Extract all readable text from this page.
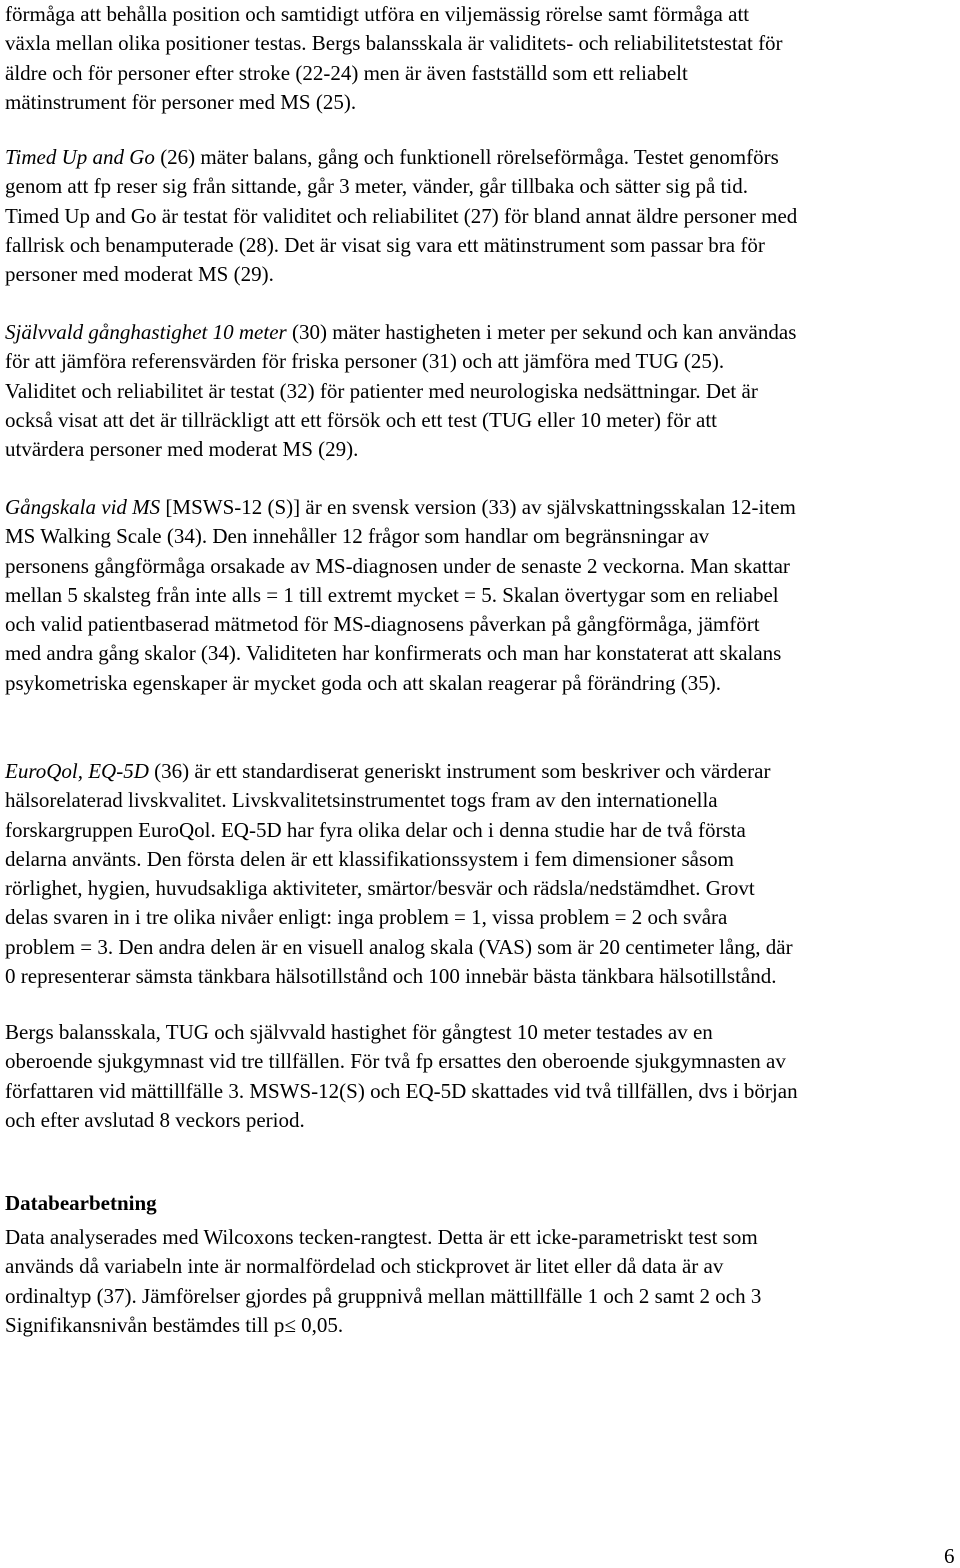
förmåga att behålla position och samtidigt utföra en viljemässig rörelse samt förmåga att
växla mellan olika positioner testas. Bergs balansskala är validitets- och reliabilitetstestat för
äldre och för personer efter stroke (22-24) men är även fastställd som ett reliabelt
mätinstrument för personer med MS (25).
Timed Up and Go (26) mäter balans, gång och funktionell rörelseförmåga. Testet genomförs
genom att fp reser sig från sittande, går 3 meter, vänder, går tillbaka och sätter sig på tid.
Timed Up and Go är testat för validitet och reliabilitet (27) för bland annat äldre personer med
fallrisk och benamputerade (28). Det är visat sig vara ett mätinstrument som passar bra för
personer med moderat MS (29).
Självvald gånghastighet 10 meter (30) mäter hastigheten i meter per sekund och kan användas
för att jämföra referensvärden för friska personer (31) och att jämföra med TUG (25).
Validitet och reliabilitet är testat (32) för patienter med neurologiska nedsättningar. Det är
också visat att det är tillräckligt att ett försök och ett test (TUG eller 10 meter) för att
utvärdera personer med moderat MS (29).
Gångskala vid MS [MSWS-12 (S)] är en svensk version (33) av självskattningsskalan 12-item
MS Walking Scale (34). Den innehåller 12 frågor som handlar om begränsningar av
personens gångförmåga orsakade av MS-diagnosen under de senaste 2 veckorna. Man skattar
mellan 5 skalsteg från inte alls = 1 till extremt mycket = 5. Skalan övertygar som en reliabel
och valid patientbaserad mätmetod för MS-diagnosens påverkan på gångförmåga, jämfört
med andra gång skalor (34). Validiteten har konfirmerats och man har konstaterat att skalans
psykometriska egenskaper är mycket goda och att skalan reagerar på förändring (35).
EuroQol, EQ-5D (36) är ett standardiserat generiskt instrument som beskriver och värderar
hälsorelaterad livskvalitet. Livskvalitetsinstrumentet togs fram av den internationella
forskargruppen EuroQol. EQ-5D har fyra olika delar och i denna studie har de två första
delarna använts. Den första delen är ett klassifikationssystem i fem dimensioner såsom
rörlighet, hygien, huvudsakliga aktiviteter, smärtor/besvär och rädsla/nedstämdhet. Grovt
delas svaren in i tre olika nivåer enligt: inga problem = 1, vissa problem = 2 och svåra
problem = 3. Den andra delen är en visuell analog skala (VAS) som är 20 centimeter lång, där
0 representerar sämsta tänkbara hälsotillstånd och 100 innebär bästa tänkbara hälsotillstånd.
Bergs balansskala, TUG och självvald hastighet för gångtest 10 meter testades av en
oberoende sjukgymnast vid tre tillfällen. För två fp ersattes den oberoende sjukgymnasten av
författaren vid mättillfälle 3. MSWS-12(S) och EQ-5D skattades vid två tillfällen, dvs i början
och efter avslutad 8 veckors period.
Databearbetning
Data analyserades med Wilcoxons tecken-rangtest. Detta är ett icke-parametriskt test som
används då variabeln inte är normalfördelad och stickprovet är litet eller då data är av
ordinaltyp (37). Jämförelser gjordes på gruppnivå mellan mättillfälle 1 och 2 samt 2 och 3
Signifikansnivån bestämdes till p≤ 0,05.
6
